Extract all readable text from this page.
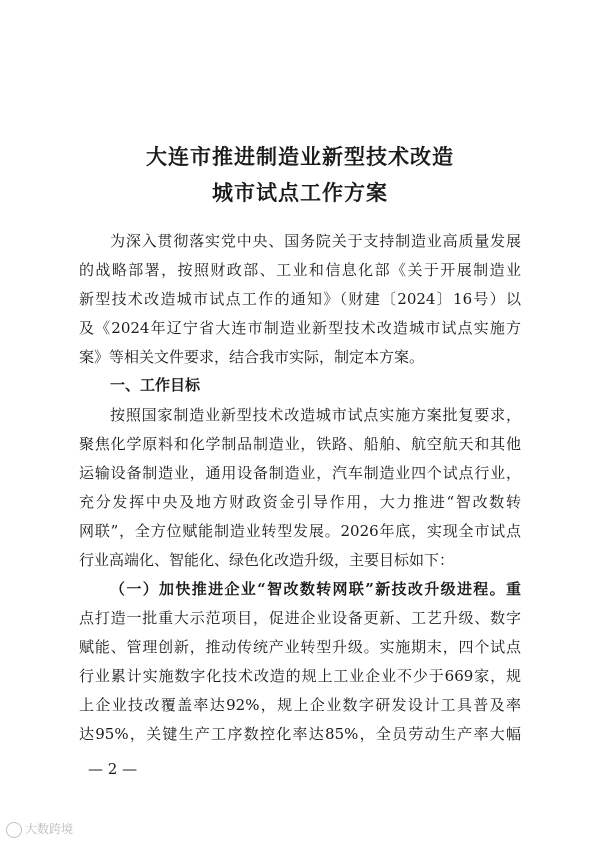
大连市推进制造业新型技术改造
城市试点工作方案
为深入贯彻落实党中央、国务院关于支持制造业高质量发展
的战略部署，按照财政部、工业和信息化部《关于开展制造业
新型技术改造城市试点工作的通知》（财建〔2024〕16号）以
及《2024年辽宁省大连市制造业新型技术改造城市试点实施方
案》等相关文件要求，结合我市实际，制定本方案。
一、工作目标
按照国家制造业新型技术改造城市试点实施方案批复要求，
聚焦化学原料和化学制品制造业，铁路、船舶、航空航天和其他
运输设备制造业，通用设备制造业，汽车制造业四个试点行业，
充分发挥中央及地方财政资金引导作用，大力推进“智改数转
网联”，全方位赋能制造业转型发展。2026年底，实现全市试点
行业高端化、智能化、绿色化改造升级，主要目标如下：
（一）加快推进企业“智改数转网联”新技改升级进程。重
点打造一批重大示范项目，促进企业设备更新、工艺升级、数字
赋能、管理创新，推动传统产业转型升级。实施期末，四个试点
行业累计实施数字化技术改造的规上工业企业不少于669家，规
上企业技改覆盖率达92%，规上企业数字研发设计工具普及率
达95%，关键生产工序数控化率达85%，全员劳动生产率大幅
— 2 —
大数跨境
